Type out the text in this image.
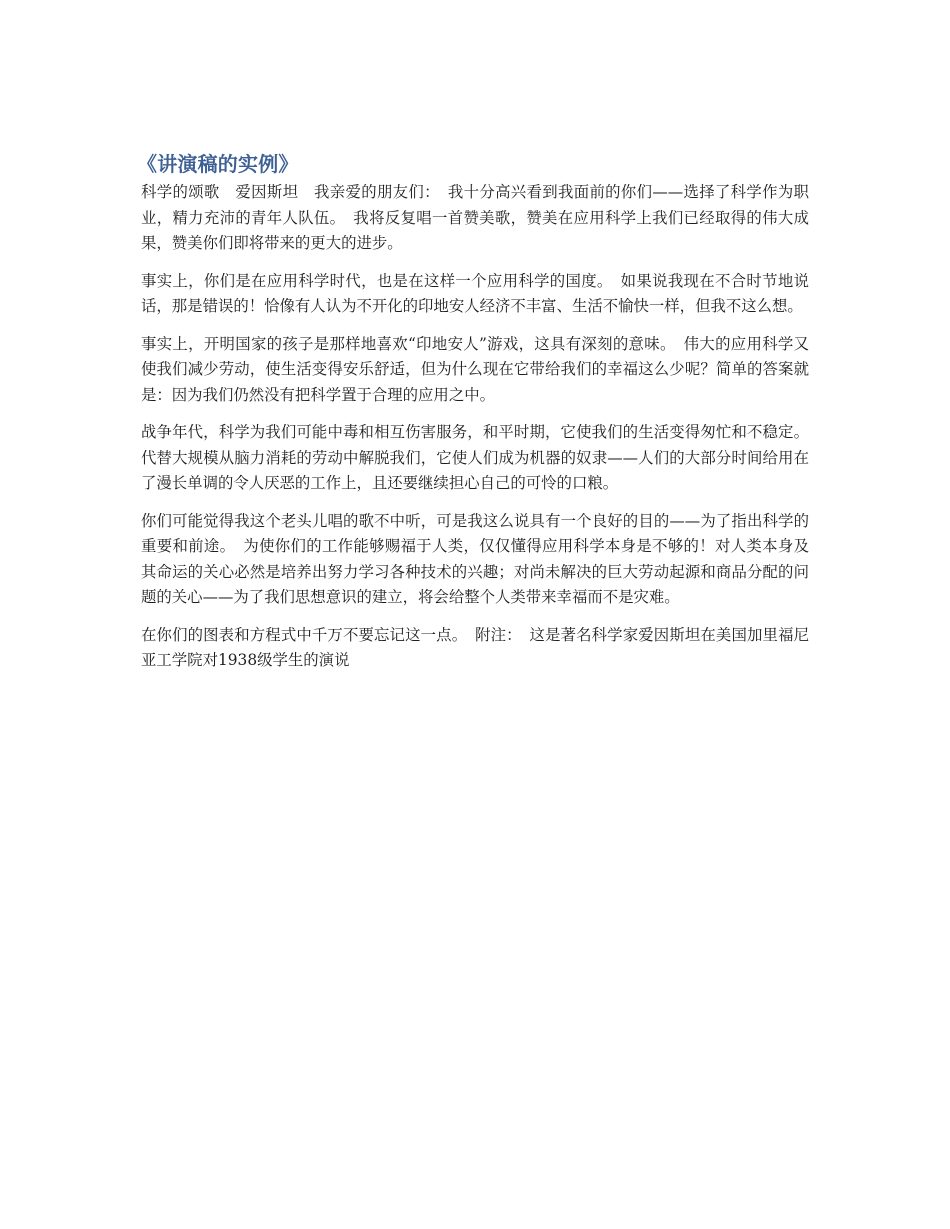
《讲演稿的实例》

科学的颂歌　爱因斯坦　我亲爱的朋友们：　我十分高兴看到我面前的你们——选择了科学作为职业，精力充沛的青年人队伍。　我将反复唱一首赞美歌，赞美在应用科学上我们已经取得的伟大成果，赞美你们即将带来的更大的进步。

事实上，你们是在应用科学时代，也是在这样一个应用科学的国度。　如果说我现在不合时节地说话，那是错误的！恰像有人认为不开化的印地安人经济不丰富、生活不愉快一样，但我不这么想。

事实上，开明国家的孩子是那样地喜欢“印地安人”游戏，这具有深刻的意味。　伟大的应用科学又使我们减少劳动，使生活变得安乐舒适，但为什么现在它带给我们的幸福这么少呢？简单的答案就是：因为我们仍然没有把科学置于合理的应用之中。

战争年代，科学为我们可能中毒和相互伤害服务，和平时期，它使我们的生活变得匆忙和不稳定。代替大规模从脑力消耗的劳动中解脱我们，它使人们成为机器的奴隶——人们的大部分时间给用在了漫长单调的令人厌恶的工作上，且还要继续担心自己的可怜的口粮。

你们可能觉得我这个老头儿唱的歌不中听，可是我这么说具有一个良好的目的——为了指出科学的重要和前途。　为使你们的工作能够赐福于人类，仅仅懂得应用科学本身是不够的！对人类本身及其命运的关心必然是培养出努力学习各种技术的兴趣；对尚未解决的巨大劳动起源和商品分配的问题的关心——为了我们思想意识的建立，将会给整个人类带来幸福而不是灾难。

在你们的图表和方程式中千万不要忘记这一点。　附注：　这是著名科学家爱因斯坦在美国加里福尼亚工学院对1938级学生的演说
